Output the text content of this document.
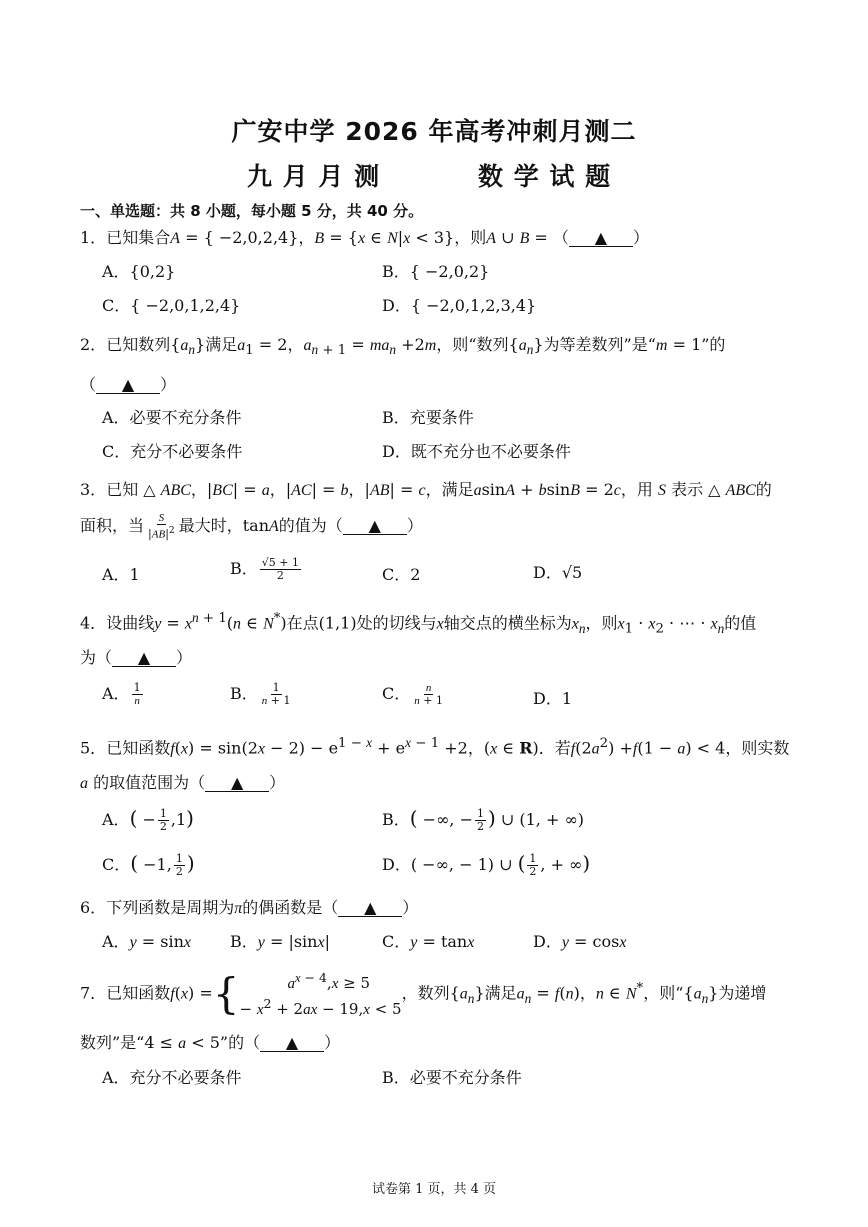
广安中学 2026 年高考冲刺月测二
九 月 月 测	数 学 试 题
一、单选题：共 8 小题，每小题 5 分，共 40 分。
1．已知集合A = { −2,0,2,4}，B = {x ∈ N|x < 3}，则A ∪ B = （ ▲ ）
A．{0,2}	B．{ −2,0,2}
C．{ −2,0,1,2,4}	D．{ −2,0,1,2,3,4}
2．已知数列$\{a_n\}$满足$a_1 = 2$，$a_{n + 1} = ma_n +2m$，则“数列$\{a_n\}$为等差数列”是“m = 1”的
（ ▲ ）
A．必要不充分条件	B．充要条件
C．充分不必要条件	D．既不充分也不必要条件
3．已知 △ ABC，|BC| = a，|AC| = b，|AB| = c，满足asinA + bsinB = 2c，用 S 表示 △ ABC的
面积，当 $\frac{S}{|AB|^2}$ 最大时，tanA的值为（ ▲ ）
A．1	B． $\frac{√5 + 1}{2}$	C．2	D．√5
4．设曲线$y = x^{n + 1}(n$ ∈ N*)在点(1,1)处的切线与x轴交点的横坐标为$x_n$，则$x_1 \cdot x_2$ · ⋯ · $x_n$的值
为（ ▲ ）
A． $\frac{1}{n}$	B． $\frac{1}{n + 1}$	C． $\frac{n}{n + 1}$	D．1
5．已知函数$f(x) = \sin(2x - 2) - e^{1 - x} + e^{x - 1} +2$，(x ∈ R)．若$f(2a^2) +f(1 - a) < 4$，则实数
a 的取值范围为（ ▲ ）
A．( − $\frac{1}{2} ,1$)	B．( −∞, − $\frac{1}{2}$ ) ∪ (1, + ∞)
C．( −1, $\frac{1}{2}$ )	D．( −∞, − 1) ∪ ( $\frac{1}{2}$ , + ∞)
6．下列函数是周期为π的偶函数是（ ▲ ）
A．y = sinx B．y = |sinx|	C．y = tanx	D．y = cosx
7．已知函数f(x) ={	$a^{x - 4},x \ge 5$
− $x^2 + 2ax - 19,x < 5$
，数列$\{a_n\}$满足$a_n = f(n)$，n ∈ N*，则“$\{a_n\}$为递增
数列”是“4 ≤ a < 5”的（ ▲ ）
A．充分不必要条件	B．必要不充分条件
试卷第 1 页，共 4 页
